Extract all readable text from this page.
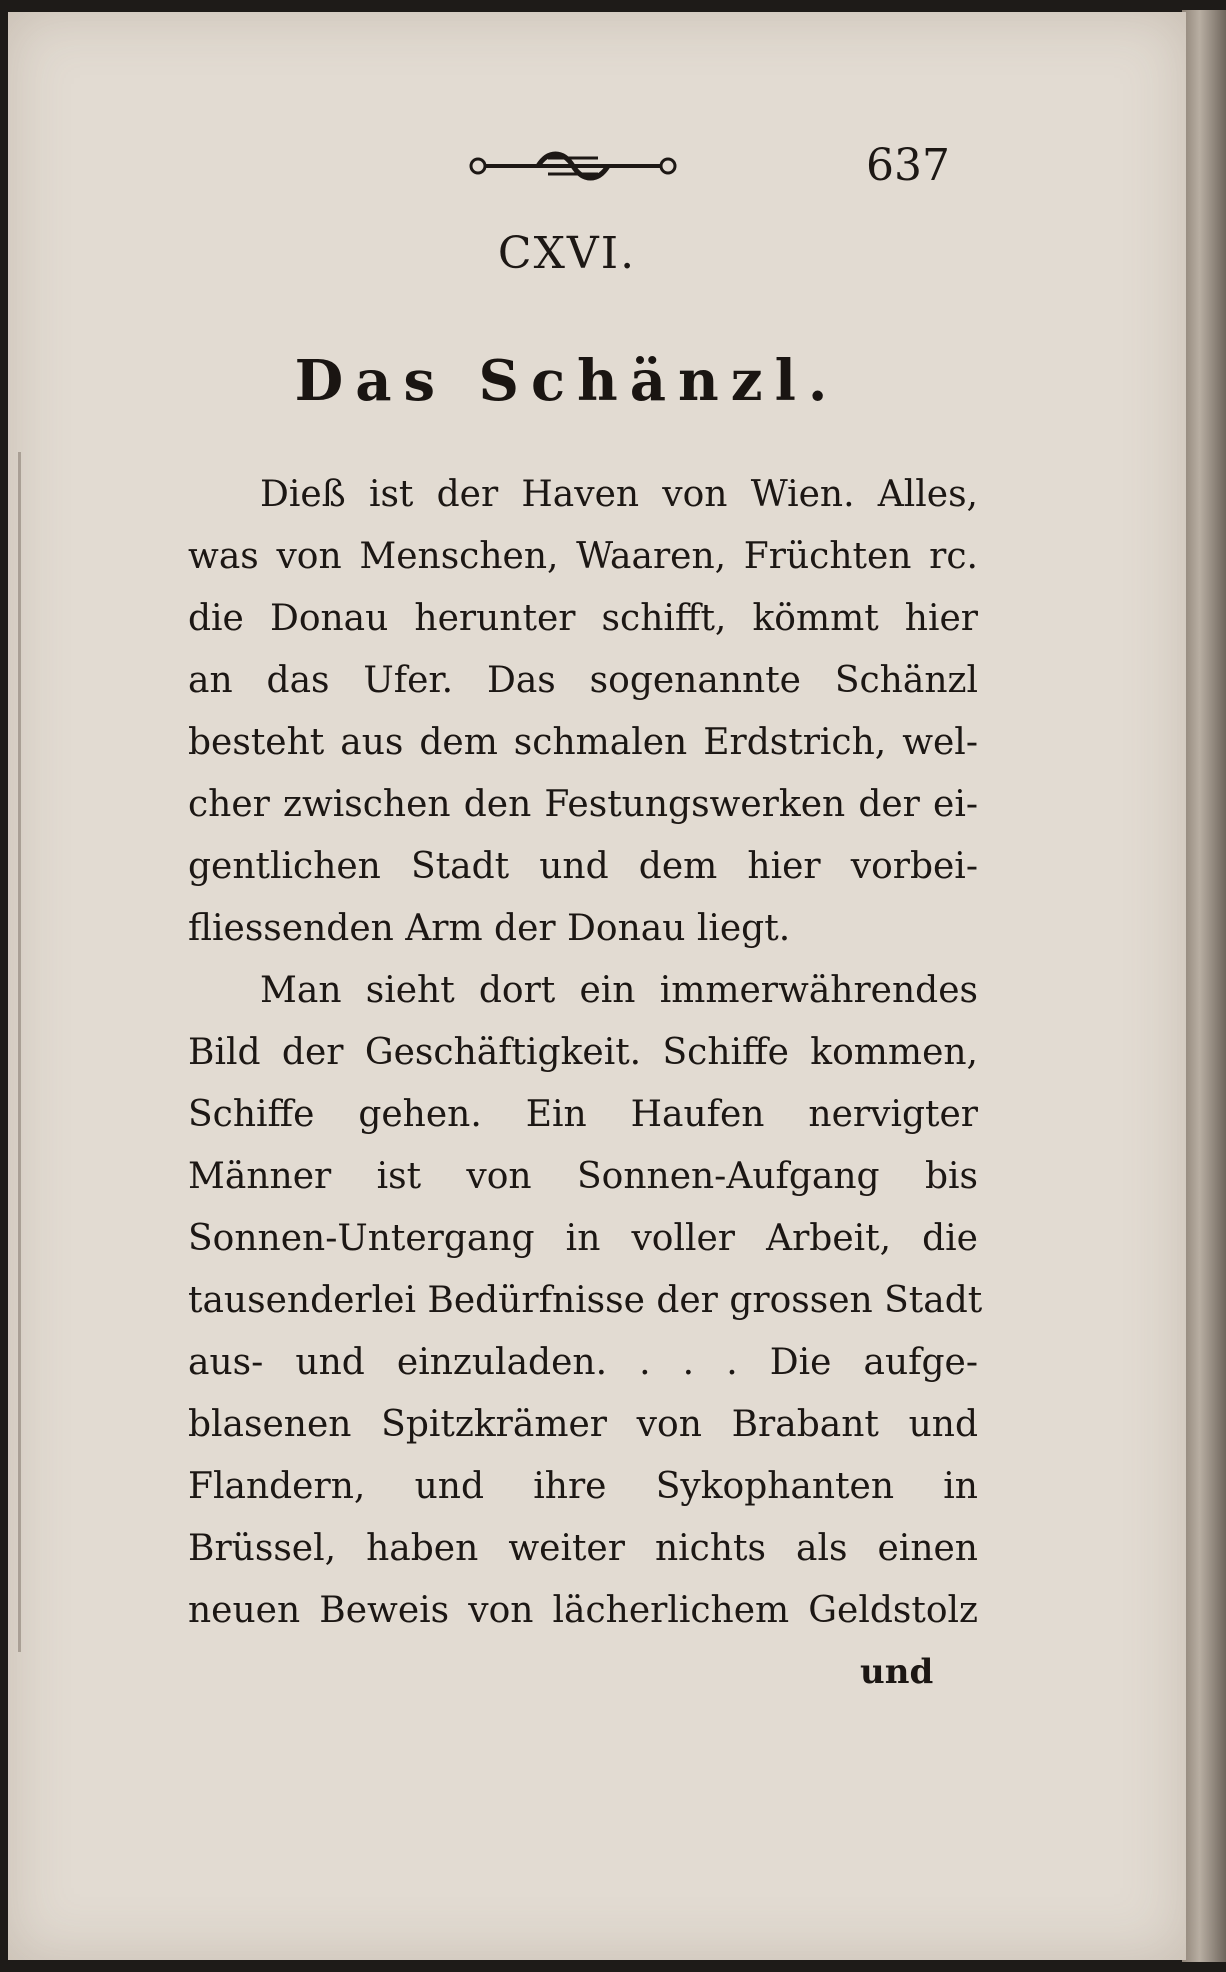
637
CXVI.
Das Schänzl.
Dieß ist der Haven von Wien. Alles,
was von Menschen, Waaren, Früchten rc.
die Donau herunter schifft, kömmt hier
an das Ufer. Das sogenannte Schänzl
besteht aus dem schmalen Erdstrich, wel-
cher zwischen den Festungswerken der ei-
gentlichen Stadt und dem hier vorbei-
fliessenden Arm der Donau liegt.
Man sieht dort ein immerwährendes
Bild der Geschäftigkeit. Schiffe kommen,
Schiffe gehen. Ein Haufen nervigter
Männer ist von Sonnen-Aufgang bis
Sonnen-Untergang in voller Arbeit, die
tausenderlei Bedürfnisse der grossen Stadt
aus- und einzuladen. . . . Die aufge-
blasenen Spitzkrämer von Brabant und
Flandern, und ihre Sykophanten in
Brüssel, haben weiter nichts als einen
neuen Beweis von lächerlichem Geldstolz
und
